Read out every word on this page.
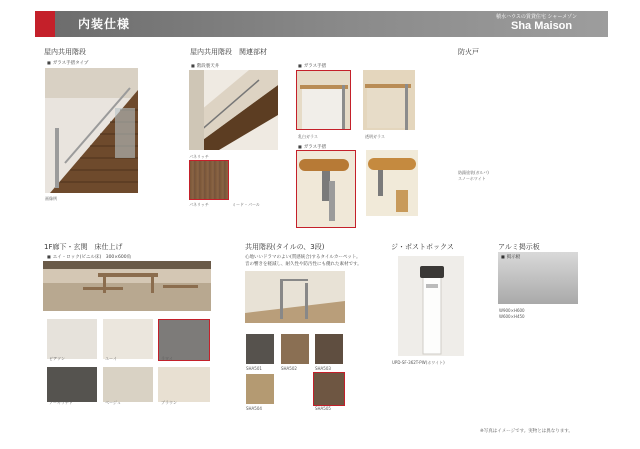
内装仕様	積水ハウスの賃貸住宅 シャーメゾン
Sha Maison
屋内共用階段
■ ガラス手摺タイプ
画像例
屋内共用階段　関連部材
■ 階段裏天井
パネリッチ
パネリッチ	ミード・パール
■ ガラス手摺
乳白ガラス	透明ガラス
■ ガラス手摺
防火戸
防錆塗装(ガルバ)
スノーホワイト
1F廊下・玄関　床仕上げ
■ エイ・ロック(ビニル床)　300×600角
ピアソン	ユーイ	ラワイ
アーキラチド	ベージュ	ブラウン
共用階段(タイルの、3段)
心地いいドラマのよい(質感統合)するタイルカーペット。
音の響きを軽減し、耐久性や防汚性にも優れた素材です。
SHA501	SHA502	SHA503
SHA504	SHA505
ジ・ポストボックス
UPD-SF-362T-PW(ホワイト)
アルミ掲示板
■ 掲示板
W900×H600
W600×H450
※写真はイメージです。実物とは異なります。
